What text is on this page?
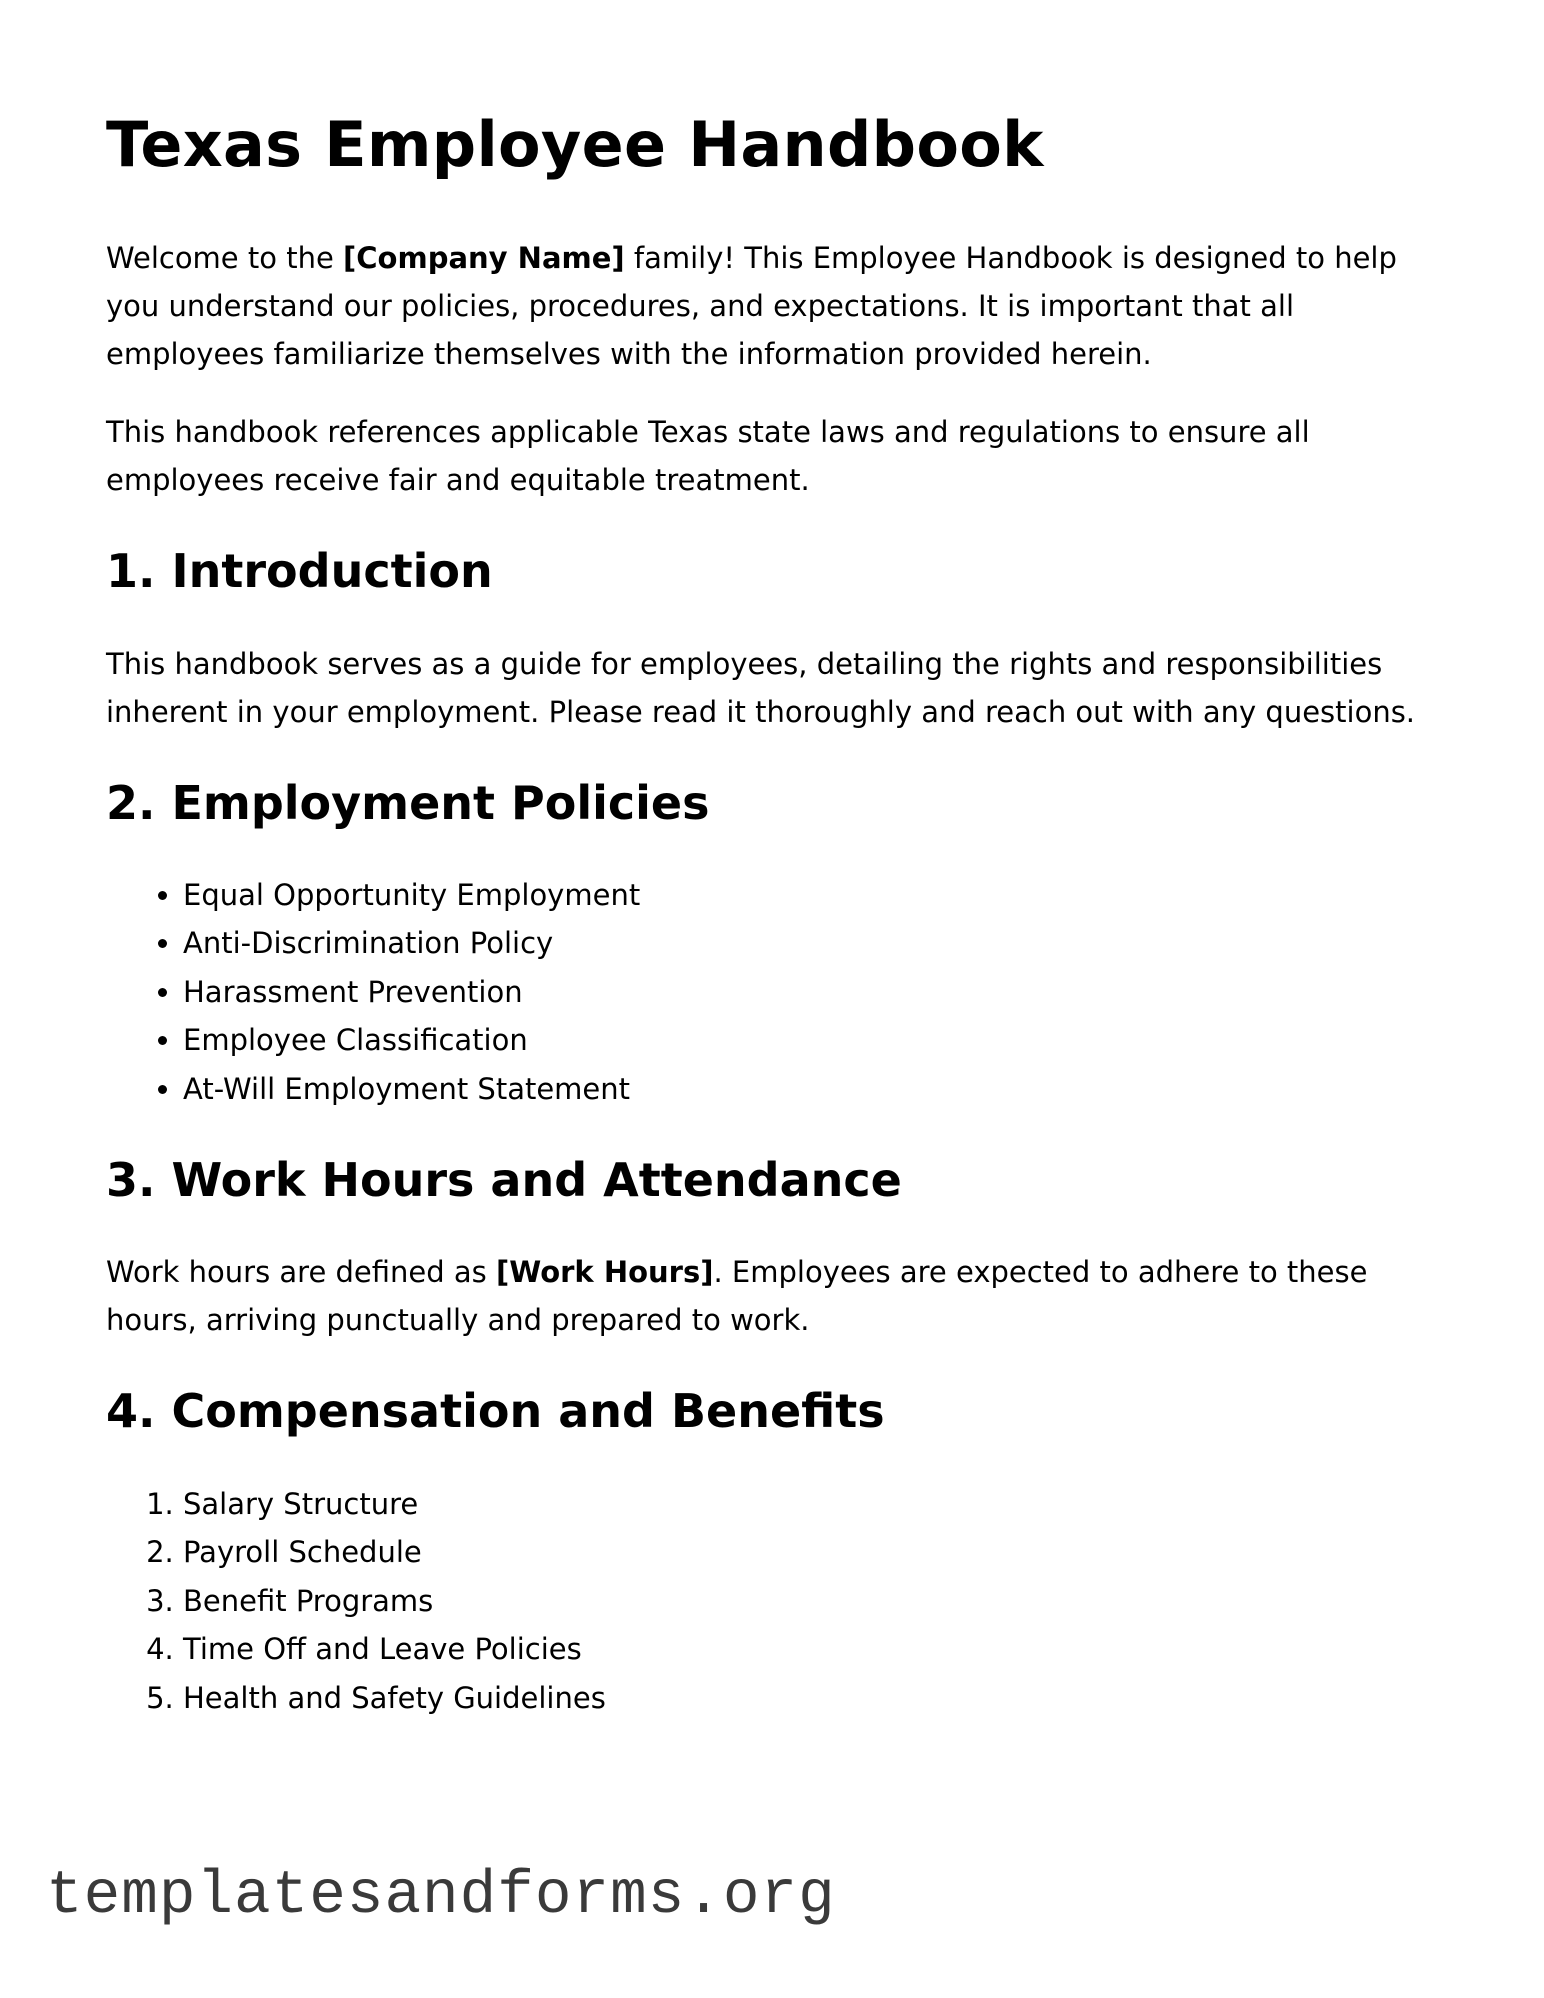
Texas Employee Handbook

Welcome to the [Company Name] family! This Employee Handbook is designed to help you understand our policies, procedures, and expectations. It is important that all employees familiarize themselves with the information provided herein.

This handbook references applicable Texas state laws and regulations to ensure all employees receive fair and equitable treatment.

1. Introduction

This handbook serves as a guide for employees, detailing the rights and responsibilities inherent in your employment. Please read it thoroughly and reach out with any questions.

2. Employment Policies
• Equal Opportunity Employment
• Anti-Discrimination Policy
• Harassment Prevention
• Employee Classification
• At-Will Employment Statement
3. Work Hours and Attendance

Work hours are defined as [Work Hours]. Employees are expected to adhere to these hours, arriving punctually and prepared to work.

4. Compensation and Benefits
1. Salary Structure
2. Payroll Schedule
3. Benefit Programs
4. Time Off and Leave Policies
5. Health and Safety Guidelines
templatesandforms.org
